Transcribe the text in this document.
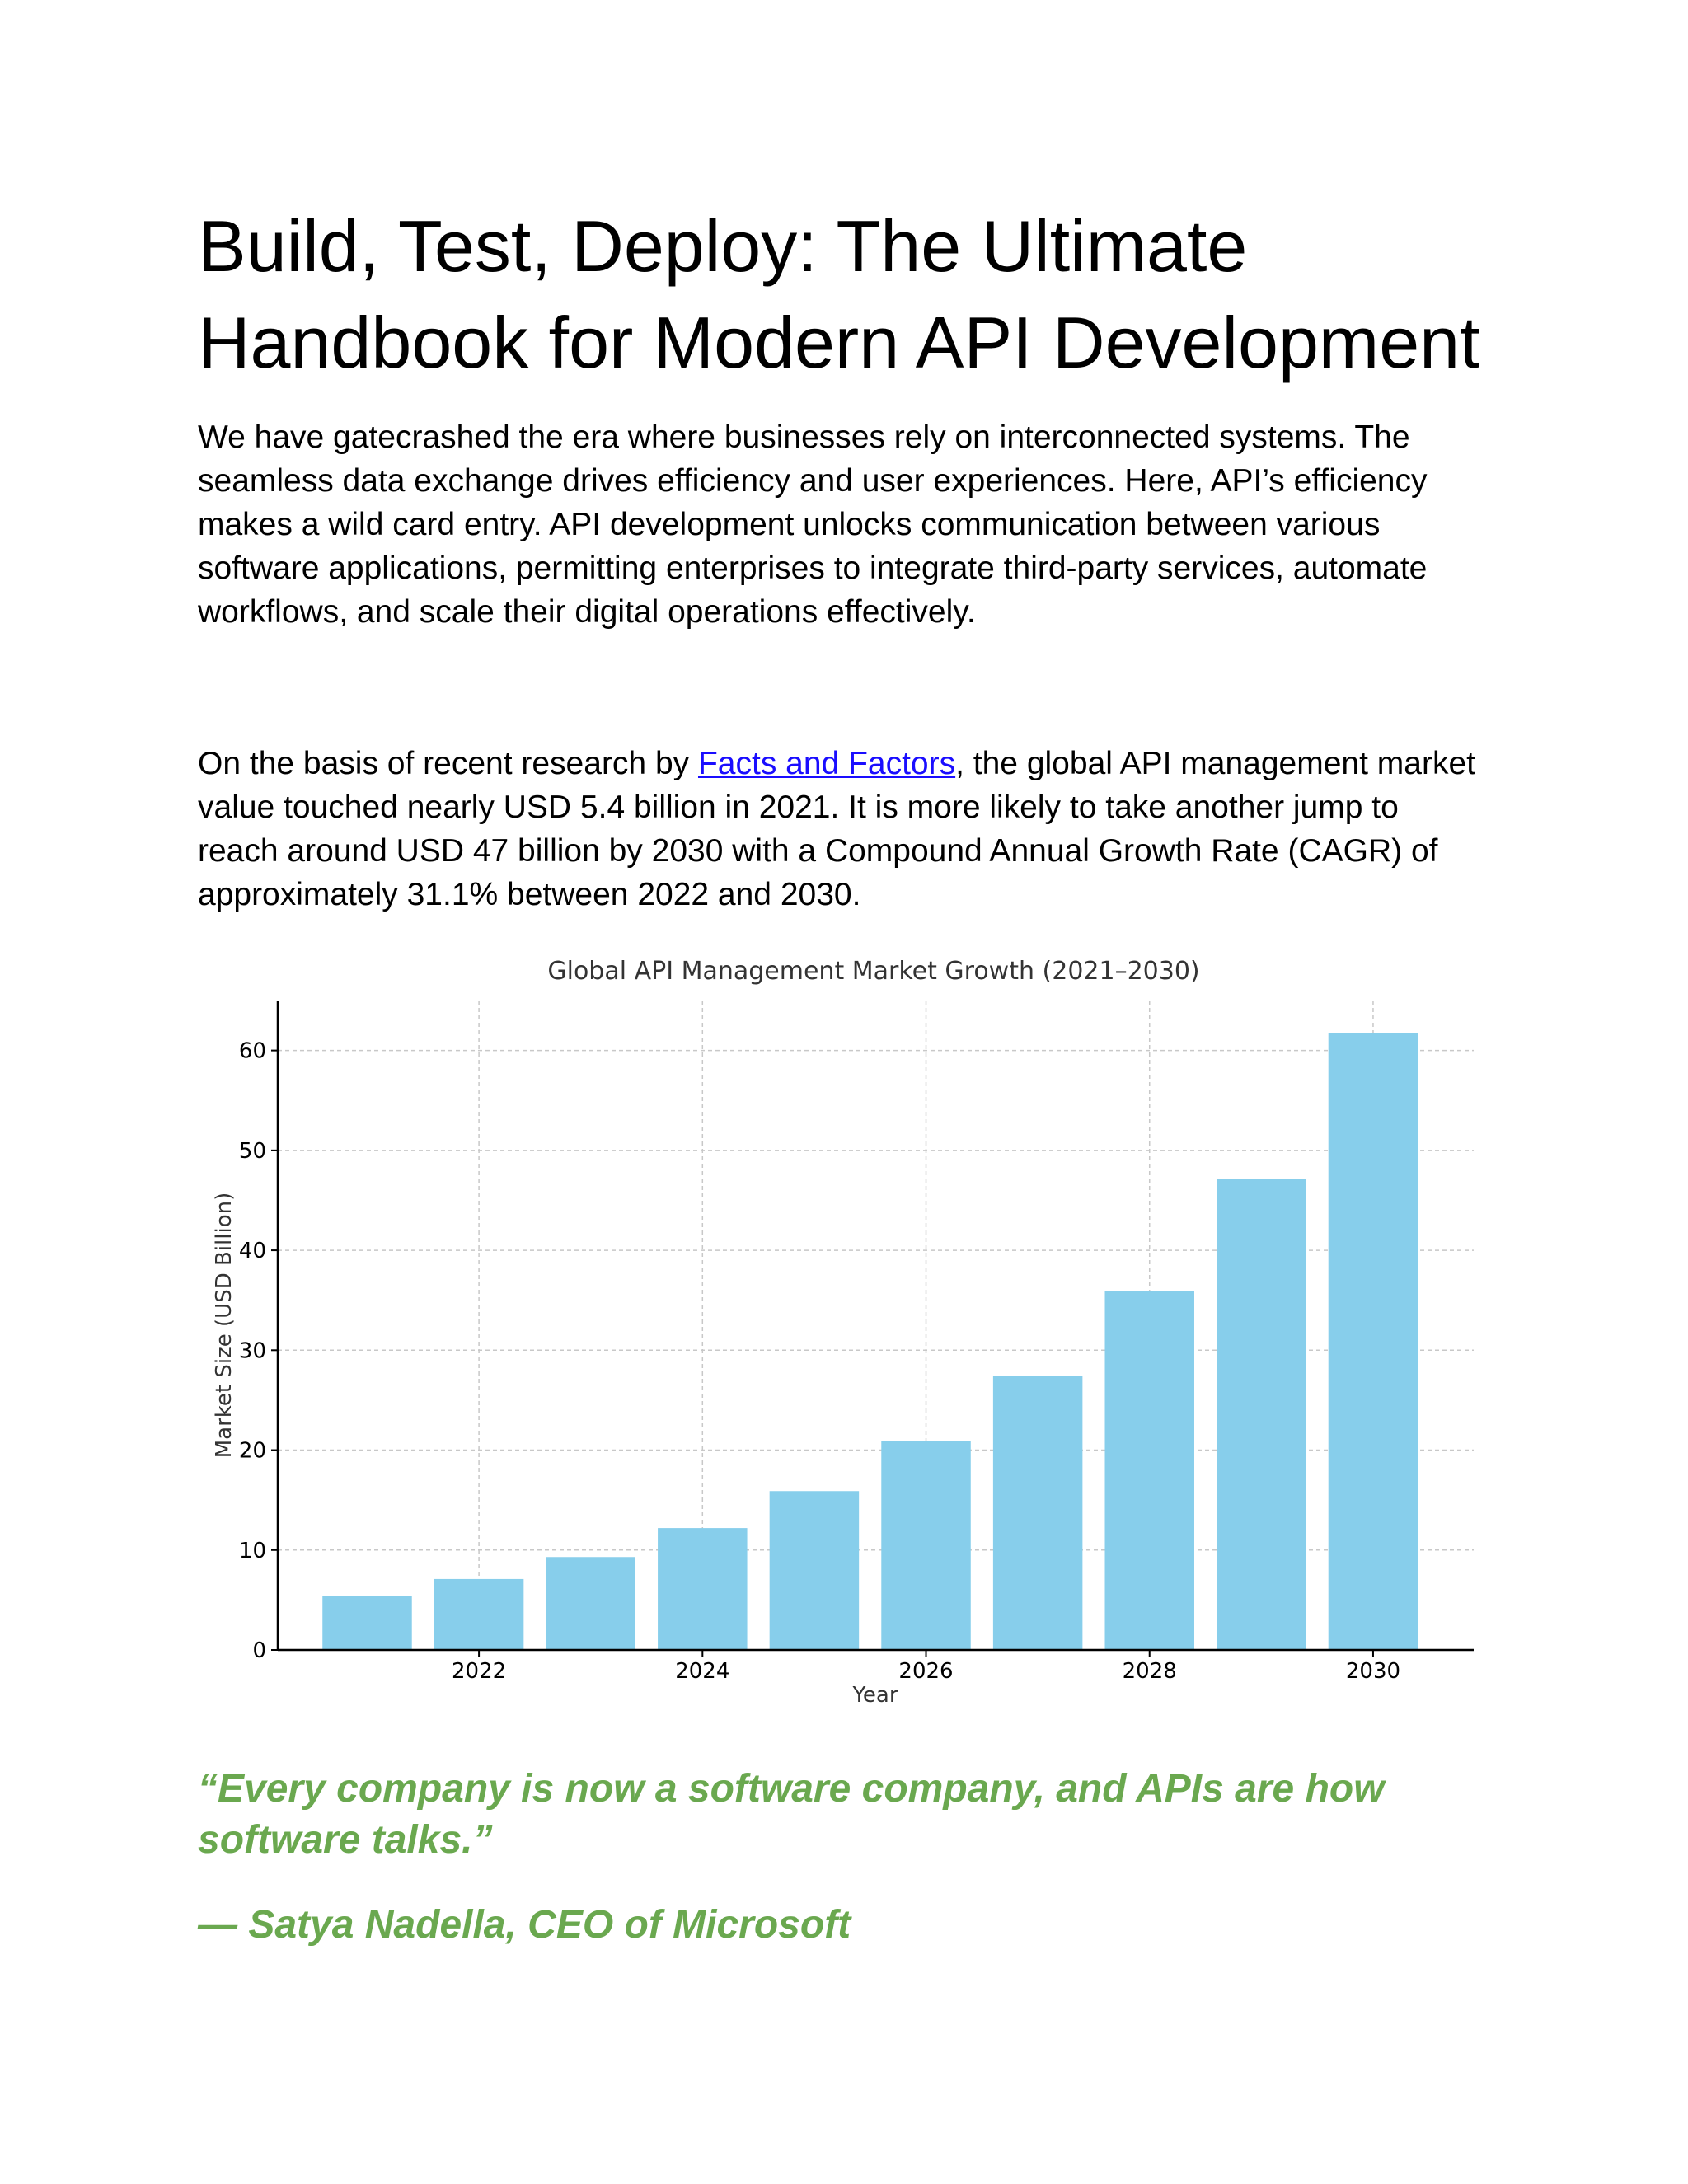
Build, Test, Deploy: The Ultimate Handbook for Modern API Development

We have gatecrashed the era where businesses rely on interconnected systems. The seamless data exchange drives efficiency and user experiences. Here, API’s efficiency makes a wild card entry. API development unlocks communication between various software applications, permitting enterprises to integrate third-party services, automate workflows, and scale their digital operations effectively.

On the basis of recent research by Facts and Factors, the global API management market value touched nearly USD 5.4 billion in 2021. It is more likely to take another jump to reach around USD 47 billion by 2030 with a Compound Annual Growth Rate (CAGR) of approximately 31.1% between 2022 and 2030.

Global API Management Market Growth (2021–2030)
Market Size (USD Billion)
Year
0
10
20
30
40
50
60
2022	2024	2026	2028	2030

“Every company is now a software company, and APIs are how software talks.”

— Satya Nadella, CEO of Microsoft
